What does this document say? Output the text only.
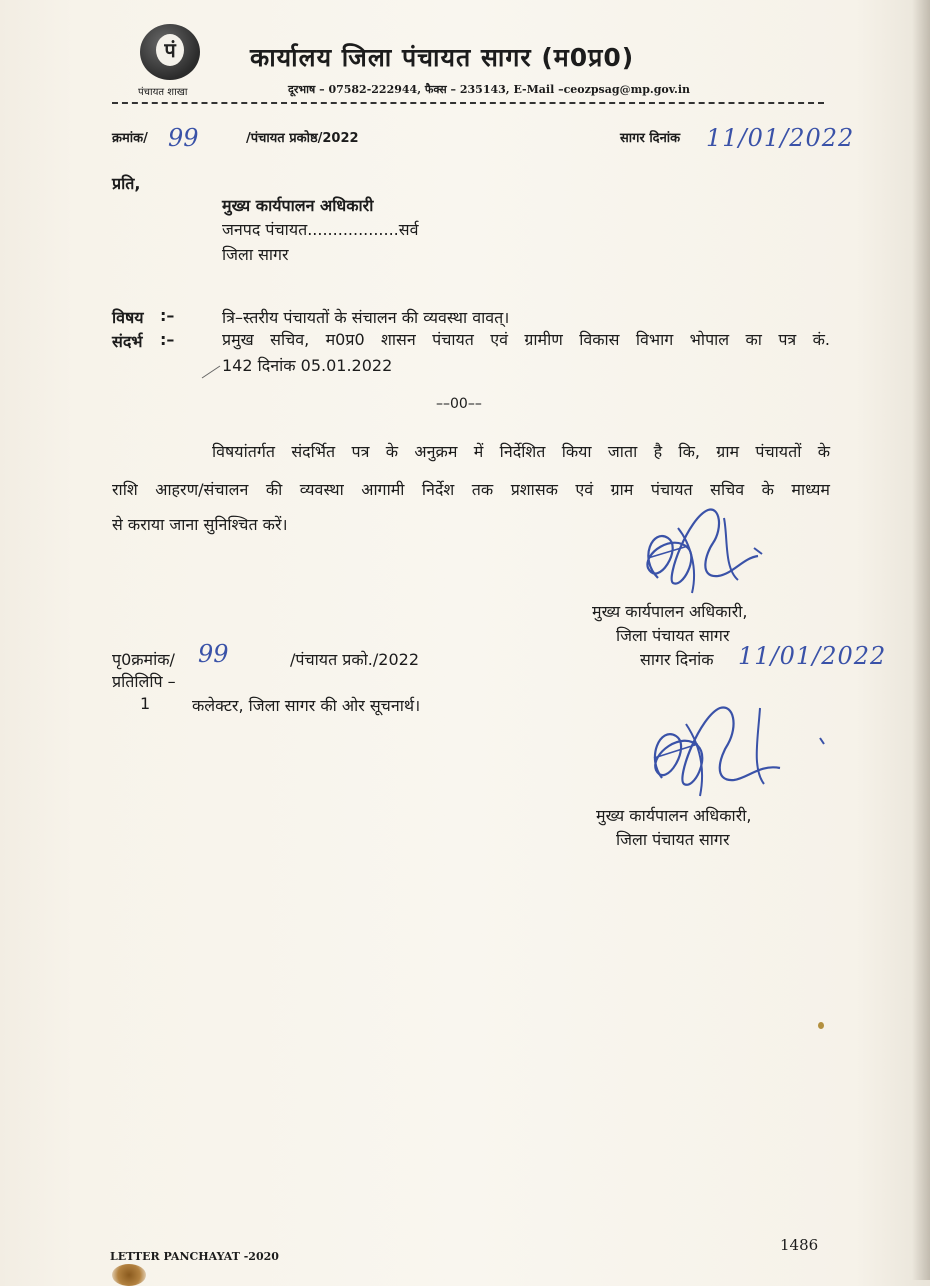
पं
पंचायत शाखा
कार्यालय जिला पंचायत सागर (म0प्र0)
दूरभाष – 07582-222944, फैक्स – 235143, E-Mail –ceozpsag@mp.gov.in
क्रमांक/ 99	/पंचायत प्रकोष्ठ/2022	सागर दिनांक 11/01/2022
प्रति,
मुख्य कार्यपालन अधिकारी
जनपद पंचायत..................सर्व
जिला सागर
विषय :–	त्रि–स्तरीय पंचायतों के संचालन की व्यवस्था वावत्।
संदर्भ :–	प्रमुख सचिव, म0प्र0 शासन पंचायत एवं ग्रामीण विकास विभाग भोपाल का पत्र कं.
142 दिनांक 05.01.2022
––00––
विषयांतर्गत संदर्भित पत्र के अनुक्रम में निर्देशित किया जाता है कि, ग्राम पंचायतों के
राशि आहरण/संचालन की व्यवस्था आगामी निर्देश तक प्रशासक एवं ग्राम पंचायत सचिव के माध्यम
से कराया जाना सुनिश्चित करें।
मुख्य कार्यपालन अधिकारी,
जिला पंचायत सागर
पृ0क्रमांक/ 99	/पंचायत प्रको./2022	सागर दिनांक 11/01/2022
प्रतिलिपि –
1	कलेक्टर, जिला सागर की ओर सूचनार्थ।
मुख्य कार्यपालन अधिकारी,
जिला पंचायत सागर
1486
LETTER PANCHAYAT -2020
